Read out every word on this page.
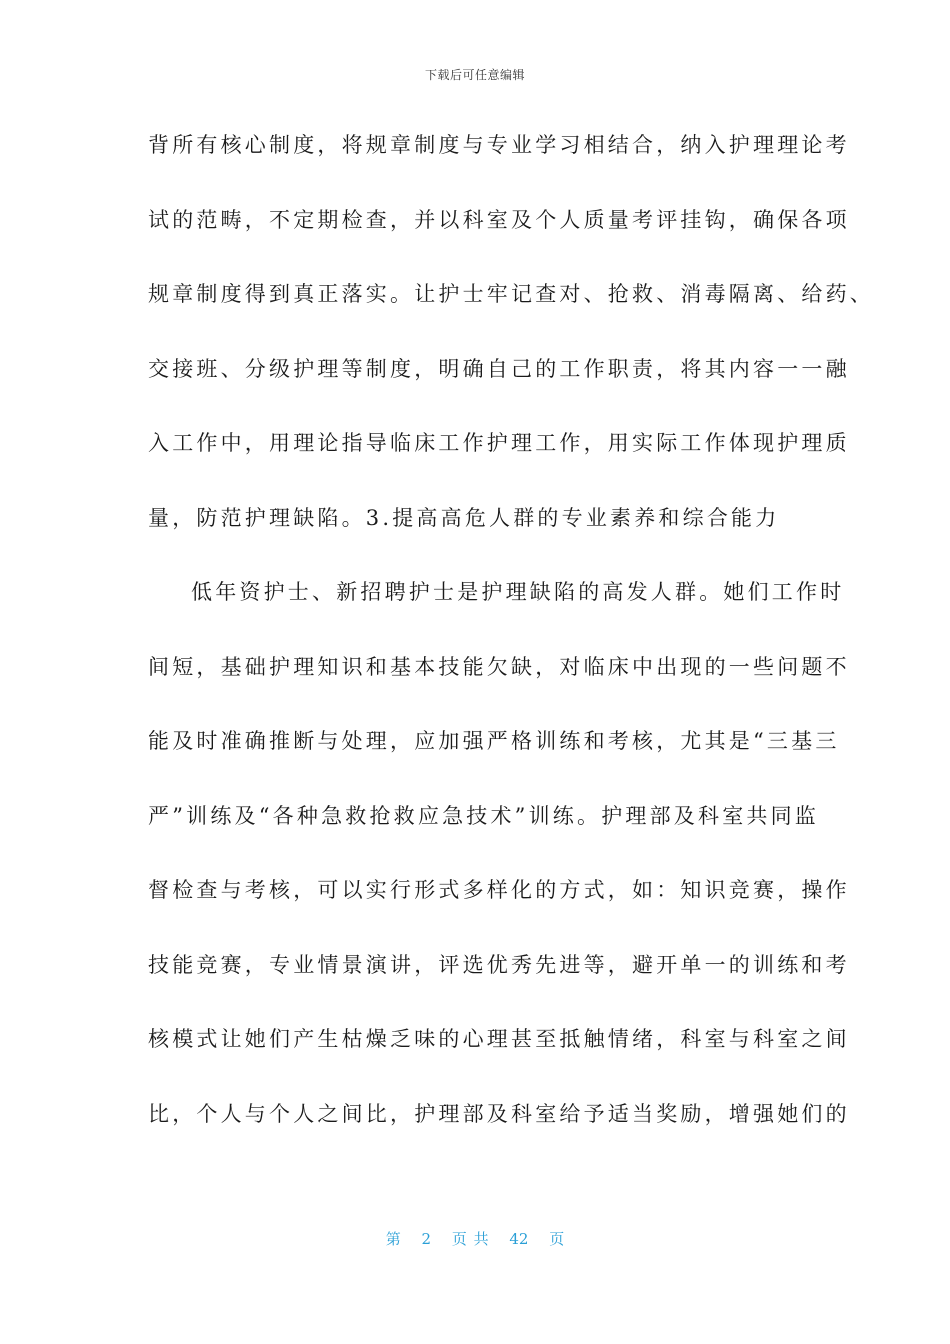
下载后可任意编辑
背所有核心制度，将规章制度与专业学习相结合，纳入护理理论考
试的范畴，不定期检查，并以科室及个人质量考评挂钩，确保各项
规章制度得到真正落实。让护士牢记查对、抢救、消毒隔离、给药、
交接班、分级护理等制度，明确自己的工作职责，将其内容一一融
入工作中，用理论指导临床工作护理工作，用实际工作体现护理质
量，防范护理缺陷。3.提高高危人群的专业素养和综合能力
低年资护士、新招聘护士是护理缺陷的高发人群。她们工作时
间短，基础护理知识和基本技能欠缺，对临床中出现的一些问题不
能及时准确推断与处理，应加强严格训练和考核，尤其是“三基三
严”训练及“各种急救抢救应急技术”训练。护理部及科室共同监
督检查与考核，可以实行形式多样化的方式，如：知识竞赛，操作
技能竞赛，专业情景演讲，评选优秀先进等，避开单一的训练和考
核模式让她们产生枯燥乏味的心理甚至抵触情绪，科室与科室之间
比，个人与个人之间比，护理部及科室给予适当奖励，增强她们的
第 2 页 共 42 页
